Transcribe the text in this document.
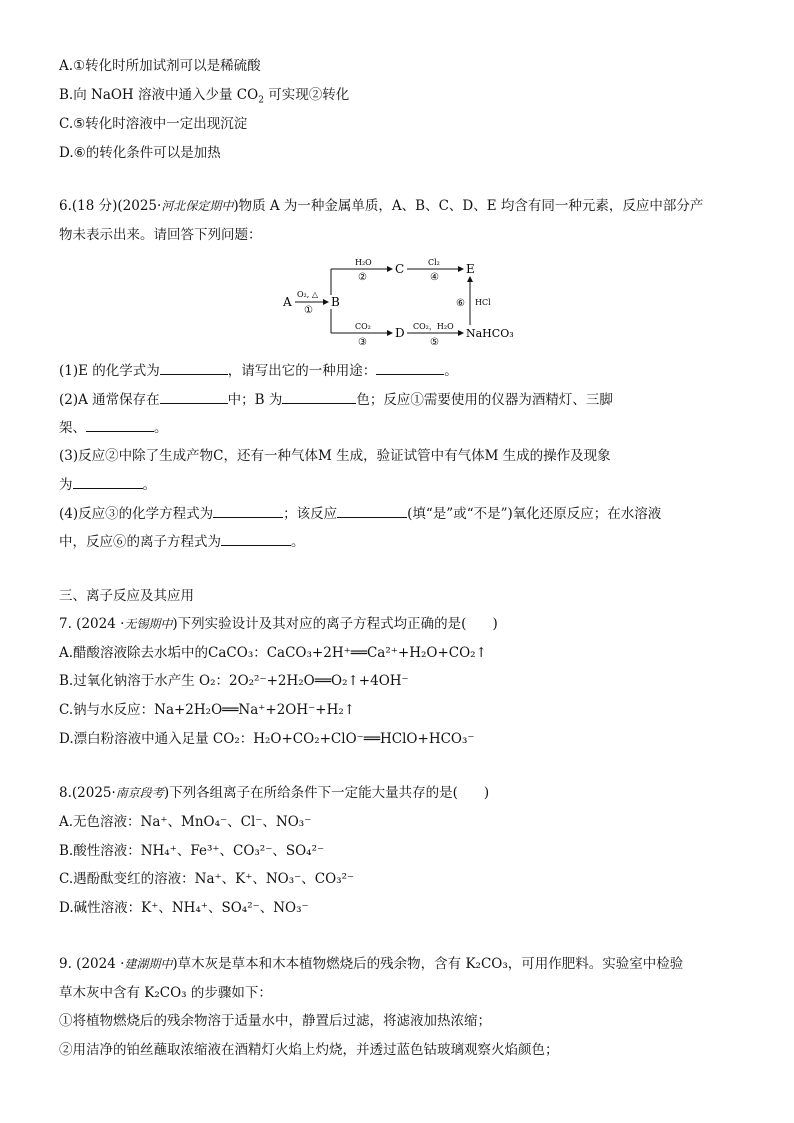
A.①转化时所加试剂可以是稀硫酸
B.向 NaOH 溶液中通入少量 $CO_2$ 可实现②转化
C.⑤转化时溶液中一定出现沉淀
D.⑥的转化条件可以是加热
6.(18 分)(2025·河北保定期中)物质 A 为一种金属单质，A、B、C、D、E 均含有同一种元素，反应中部分产
物未表示出来。请回答下列问题：
A
O₂, △
①
B
H₂O
②
C	Cl₂
④
E
CO₂
③
D CO₂，H₂O
⑤
NaHCO₃
⑥ HCl
(1)E 的化学式为	，请写出它的一种用途：	。
(2)A 通常保存在	中；B 为	色；反应①需要使用的仪器为酒精灯、三脚
架、	。
(3)反应②中除了生成产物C，还有一种气体M 生成，验证试管中有气体M 生成的操作及现象
为	。
(4)反应③的化学方程式为	；该反应	(填“是”或“不是”)氧化还原反应；在水溶液
中，反应⑥的离子方程式为	。
三、离子反应及其应用
7. (2024 ·无锡期中)下列实验设计及其对应的离子方程式均正确的是( )
A.醋酸溶液除去水垢中的CaCO₃：CaCO₃+2H⁺══Ca²⁺+H₂O+CO₂↑
B.过氧化钠溶于水产生 O₂：2O₂²⁻+2H₂O══O₂↑+4OH⁻
C.钠与水反应：Na+2H₂O══Na⁺+2OH⁻+H₂↑
D.漂白粉溶液中通入足量 CO₂：H₂O+CO₂+ClO⁻══HClO+HCO₃⁻
8.(2025·南京段考)下列各组离子在所给条件下一定能大量共存的是( )
A.无色溶液：Na⁺、MnO₄⁻、Cl⁻、NO₃⁻
B.酸性溶液：NH₄⁺、Fe³⁺、CO₃²⁻、SO₄²⁻
C.遇酚酞变红的溶液：Na⁺、K⁺、NO₃⁻、CO₃²⁻
D.碱性溶液：K⁺、NH₄⁺、SO₄²⁻、NO₃⁻
9. (2024 ·建湖期中)草木灰是草本和木本植物燃烧后的残余物，含有 K₂CO₃，可用作肥料。实验室中检验
草木灰中含有 K₂CO₃ 的步骤如下：
①将植物燃烧后的残余物溶于适量水中，静置后过滤，将滤液加热浓缩；
②用洁净的铂丝蘸取浓缩液在酒精灯火焰上灼烧，并透过蓝色钴玻璃观察火焰颜色；
